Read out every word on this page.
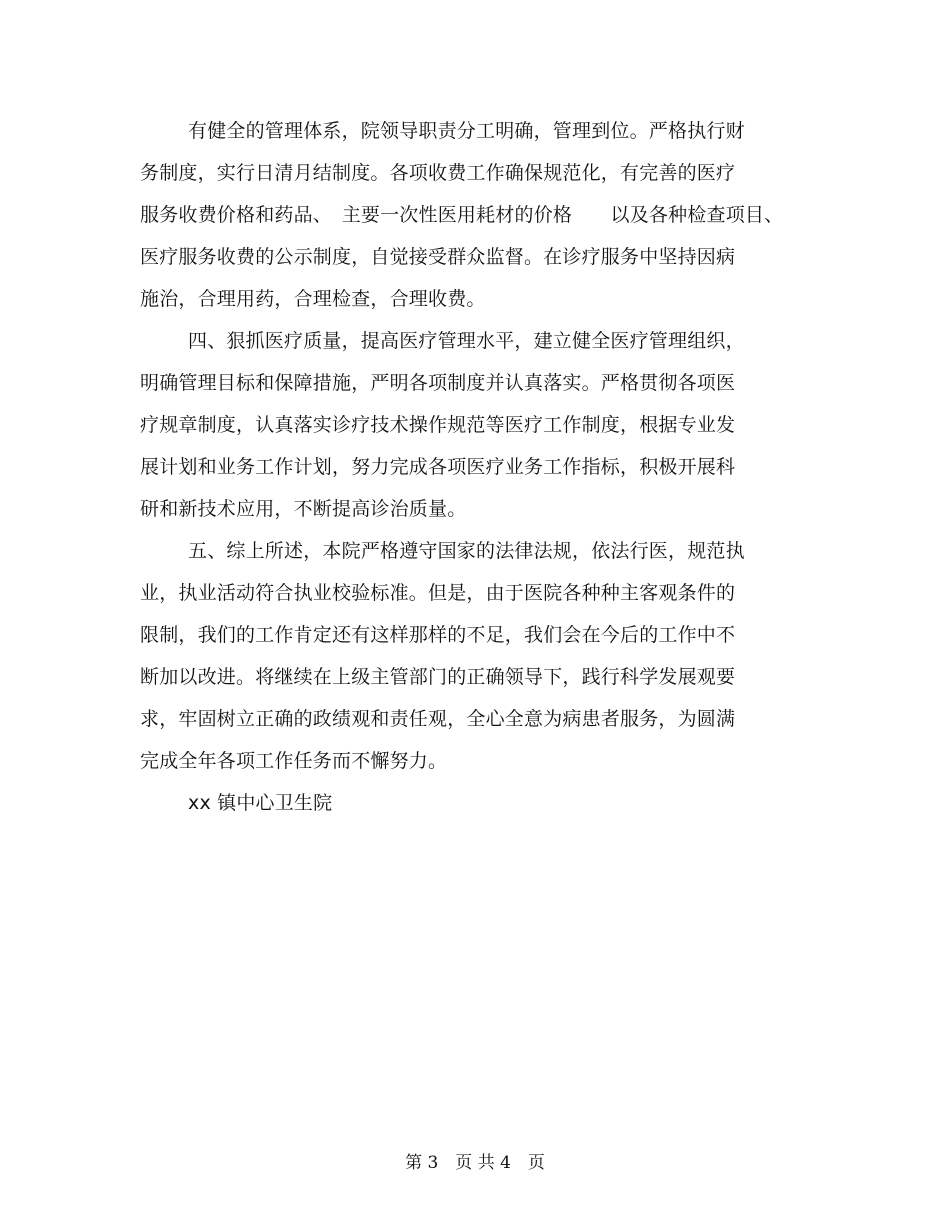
有健全的管理体系，院领导职责分工明确，管理到位。严格执行财
务制度，实行日清月结制度。各项收费工作确保规范化，有完善的医疗
服务收费价格和药品、　主要一次性医用耗材的价格　　以及各种检查项目、
医疗服务收费的公示制度，自觉接受群众监督。在诊疗服务中坚持因病
施治，合理用药，合理检查，合理收费。
四、狠抓医疗质量，提高医疗管理水平，建立健全医疗管理组织，
明确管理目标和保障措施，严明各项制度并认真落实。严格贯彻各项医
疗规章制度，认真落实诊疗技术操作规范等医疗工作制度，根据专业发
展计划和业务工作计划，努力完成各项医疗业务工作指标，积极开展科
研和新技术应用，不断提高诊治质量。
五、综上所述，本院严格遵守国家的法律法规，依法行医，规范执
业，执业活动符合执业校验标准。但是，由于医院各种种主客观条件的
限制，我们的工作肯定还有这样那样的不足，我们会在今后的工作中不
断加以改进。将继续在上级主管部门的正确领导下，践行科学发展观要
求，牢固树立正确的政绩观和责任观，全心全意为病患者服务，为圆满
完成全年各项工作任务而不懈努力。
xx 镇中心卫生院
第 3　页 共 4　页
